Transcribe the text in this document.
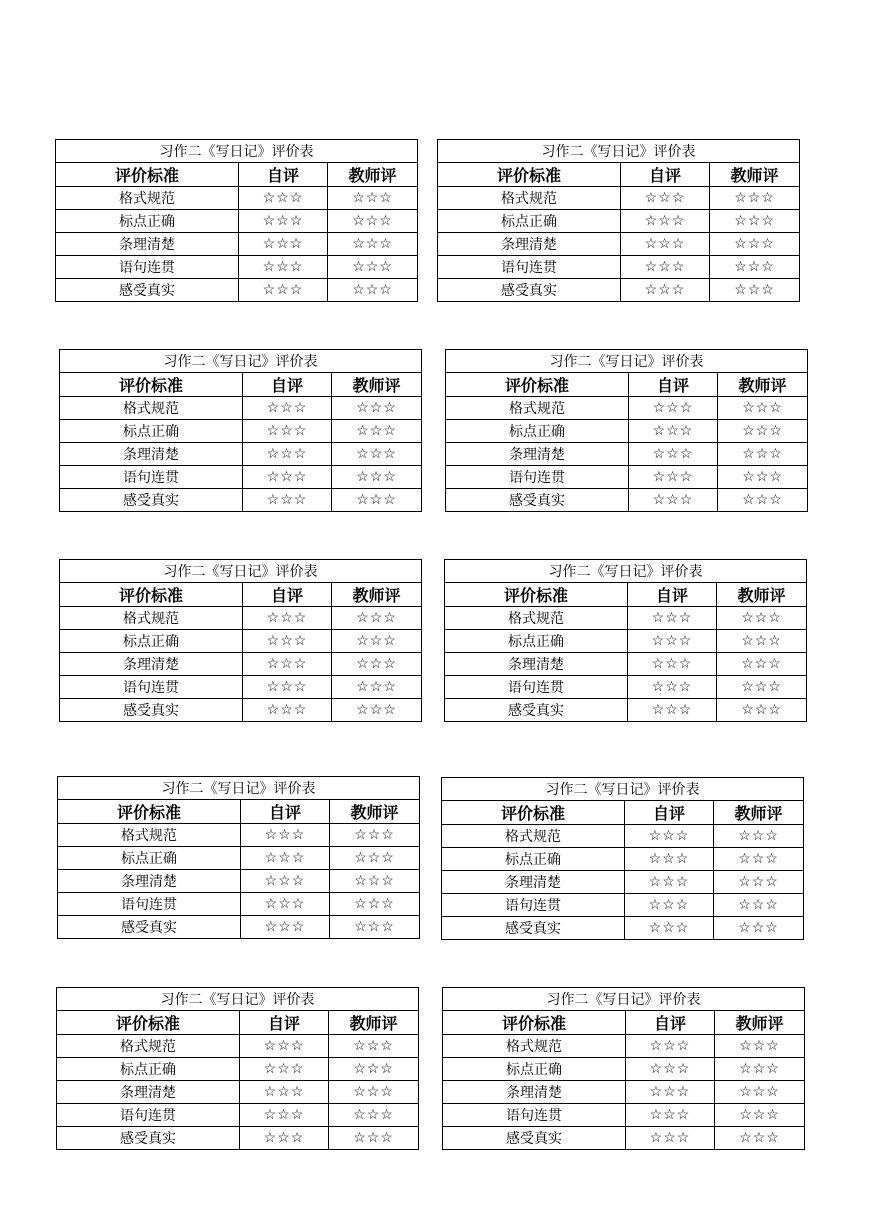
习作二《写日记》评价表		
评价标准	自评	教师评
格式规范	☆☆☆	☆☆☆
标点正确	☆☆☆	☆☆☆
条理清楚	☆☆☆	☆☆☆
语句连贯	☆☆☆	☆☆☆
感受真实	☆☆☆	☆☆☆
习作二《写日记》评价表		
评价标准	自评	教师评
格式规范	☆☆☆	☆☆☆
标点正确	☆☆☆	☆☆☆
条理清楚	☆☆☆	☆☆☆
语句连贯	☆☆☆	☆☆☆
感受真实	☆☆☆	☆☆☆
习作二《写日记》评价表		
评价标准	自评	教师评
格式规范	☆☆☆	☆☆☆
标点正确	☆☆☆	☆☆☆
条理清楚	☆☆☆	☆☆☆
语句连贯	☆☆☆	☆☆☆
感受真实	☆☆☆	☆☆☆
习作二《写日记》评价表		
评价标准	自评	教师评
格式规范	☆☆☆	☆☆☆
标点正确	☆☆☆	☆☆☆
条理清楚	☆☆☆	☆☆☆
语句连贯	☆☆☆	☆☆☆
感受真实	☆☆☆	☆☆☆
习作二《写日记》评价表		
评价标准	自评	教师评
格式规范	☆☆☆	☆☆☆
标点正确	☆☆☆	☆☆☆
条理清楚	☆☆☆	☆☆☆
语句连贯	☆☆☆	☆☆☆
感受真实	☆☆☆	☆☆☆
习作二《写日记》评价表		
评价标准	自评	教师评
格式规范	☆☆☆	☆☆☆
标点正确	☆☆☆	☆☆☆
条理清楚	☆☆☆	☆☆☆
语句连贯	☆☆☆	☆☆☆
感受真实	☆☆☆	☆☆☆
习作二《写日记》评价表		
评价标准	自评	教师评
格式规范	☆☆☆	☆☆☆
标点正确	☆☆☆	☆☆☆
条理清楚	☆☆☆	☆☆☆
语句连贯	☆☆☆	☆☆☆
感受真实	☆☆☆	☆☆☆
习作二《写日记》评价表		
评价标准	自评	教师评
格式规范	☆☆☆	☆☆☆
标点正确	☆☆☆	☆☆☆
条理清楚	☆☆☆	☆☆☆
语句连贯	☆☆☆	☆☆☆
感受真实	☆☆☆	☆☆☆
习作二《写日记》评价表		
评价标准	自评	教师评
格式规范	☆☆☆	☆☆☆
标点正确	☆☆☆	☆☆☆
条理清楚	☆☆☆	☆☆☆
语句连贯	☆☆☆	☆☆☆
感受真实	☆☆☆	☆☆☆
习作二《写日记》评价表		
评价标准	自评	教师评
格式规范	☆☆☆	☆☆☆
标点正确	☆☆☆	☆☆☆
条理清楚	☆☆☆	☆☆☆
语句连贯	☆☆☆	☆☆☆
感受真实	☆☆☆	☆☆☆
